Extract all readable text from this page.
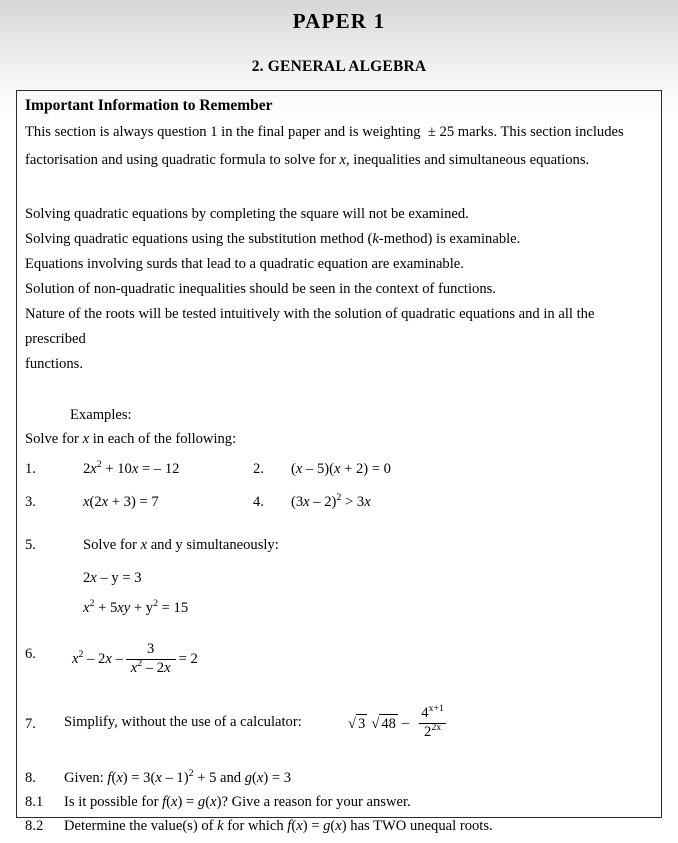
PAPER 1
2. GENERAL ALGEBRA
Important Information to Remember
This section is always question 1 in the final paper and is weighting  ± 25 marks. This section includes factorisation and using quadratic formula to solve for x, inequalities and simultaneous equations.
Solving quadratic equations by completing the square will not be examined.
Solving quadratic equations using the substitution method (k-method) is examinable.
Equations involving surds that lead to a quadratic equation are examinable.
Solution of non-quadratic inequalities should be seen in the context of functions.
Nature of the roots will be tested intuitively with the solution of quadratic equations and in all the prescribed
functions.
Examples:
Solve for x in each of the following:
1.	$2x^2 + 10x$ = – 12	2. (x – 5)(x + 2) = 0
3.	x(2x + 3) = 7	4. (3x – 2)$^2$ > 3x
5.	Solve for x and y simultaneously:
2x – y = 3
$x^2 + 5xy + y^2 = 15$
6. $x^2 - 2x - \frac{3}{x^2 - 2x} = 2$
7. Simplify, without the use of a calculator:	√ 3 √ $48 - \frac{4^{x+1}}{2^{2x}}$
8. Given: f(x) = 3(x – 1)$^2$ + 5 and g(x) = 3
8.1 Is it possible for f(x) = g(x)? Give a reason for your answer.
8.2 Determine the value(s) of k for which f(x) = g(x) has TWO unequal roots.
